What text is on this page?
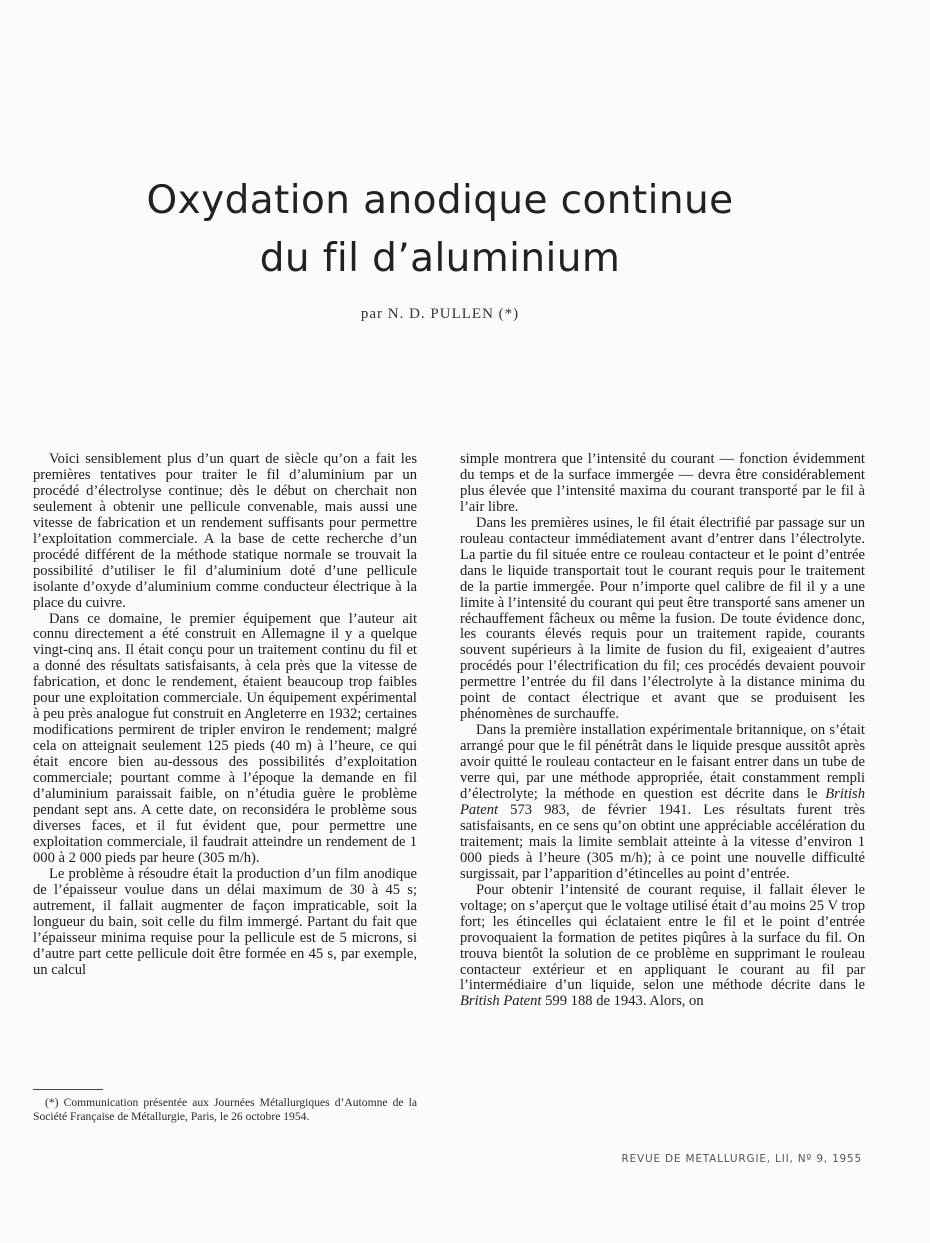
Oxydation anodique continue
du fil d’aluminium
par N. D. PULLEN (*)

Voici sensiblement plus d’un quart de siècle qu’on a fait les premières tentatives pour traiter le fil d’aluminium par un procédé d’électrolyse continue; dès le début on cherchait non seulement à obtenir une pellicule convenable, mais aussi une vitesse de fabrication et un rendement suffisants pour permettre l’exploitation commerciale. A la base de cette recherche d’un procédé différent de la méthode statique normale se trouvait la possibilité d’utiliser le fil d’aluminium doté d’une pellicule isolante d’oxyde d’aluminium comme conducteur électrique à la place du cuivre.

Dans ce domaine, le premier équipement que l’auteur ait connu directement a été construit en Allemagne il y a quelque vingt-cinq ans. Il était conçu pour un traitement continu du fil et a donné des résultats satisfaisants, à cela près que la vitesse de fabrication, et donc le rendement, étaient beaucoup trop faibles pour une exploitation commerciale. Un équipement expérimental à peu près analogue fut construit en Angleterre en 1932; certaines modifications permirent de tripler environ le rendement; malgré cela on atteignait seulement 125 pieds (40 m) à l’heure, ce qui était encore bien au-dessous des possibilités d’exploitation commerciale; pourtant comme à l’époque la demande en fil d’aluminium paraissait faible, on n’étudia guère le problème pendant sept ans. A cette date, on reconsidéra le problème sous diverses faces, et il fut évident que, pour permettre une exploitation commerciale, il faudrait atteindre un rendement de 1 000 à 2 000 pieds par heure (305 m/h).

Le problème à résoudre était la production d’un film anodique de l’épaisseur voulue dans un délai maximum de 30 à 45 s; autrement, il fallait augmenter de façon impraticable, soit la longueur du bain, soit celle du film immergé. Partant du fait que l’épaisseur minima requise pour la pellicule est de 5 microns, si d’autre part cette pellicule doit être formée en 45 s, par exemple, un calcul

simple montrera que l’intensité du courant — fonction évidemment du temps et de la surface immergée — devra être considérablement plus élevée que l’intensité maxima du courant transporté par le fil à l’air libre.

Dans les premières usines, le fil était électrifié par passage sur un rouleau contacteur immédiatement avant d’entrer dans l’électrolyte. La partie du fil située entre ce rouleau contacteur et le point d’entrée dans le liquide transportait tout le courant requis pour le traitement de la partie immergée. Pour n’importe quel calibre de fil il y a une limite à l’intensité du courant qui peut être transporté sans amener un réchauffement fâcheux ou même la fusion. De toute évidence donc, les courants élevés requis pour un traitement rapide, courants souvent supérieurs à la limite de fusion du fil, exigeaient d’autres procédés pour l’électrification du fil; ces procédés devaient pouvoir permettre l’entrée du fil dans l’électrolyte à la distance minima du point de contact électrique et avant que se produisent les phénomènes de surchauffe.

Dans la première installation expérimentale britannique, on s’était arrangé pour que le fil pénétrât dans le liquide presque aussitôt après avoir quitté le rouleau contacteur en le faisant entrer dans un tube de verre qui, par une méthode appropriée, était constamment rempli d’électrolyte; la méthode en question est décrite dans le British Patent 573 983, de février 1941. Les résultats furent très satisfaisants, en ce sens qu’on obtint une appréciable accélération du traitement; mais la limite semblait atteinte à la vitesse d’environ 1 000 pieds à l’heure (305 m/h); à ce point une nouvelle difficulté surgissait, par l’apparition d’étincelles au point d’entrée.

Pour obtenir l’intensité de courant requise, il fallait élever le voltage; on s’aperçut que le voltage utilisé était d’au moins 25 V trop fort; les étincelles qui éclataient entre le fil et le point d’entrée provoquaient la formation de petites piqûres à la surface du fil. On trouva bientôt la solution de ce problème en supprimant le rouleau contacteur extérieur et en appliquant le courant au fil par l’intermédiaire d’un liquide, selon une méthode décrite dans le British Patent 599 188 de 1943. Alors, on

(*) Communication présentée aux Journées Métallurgiques d’Automne de la Société Française de Métallurgie, Paris, le 26 octobre 1954.

REVUE DE METALLURGIE, LII, Nº 9, 1955
